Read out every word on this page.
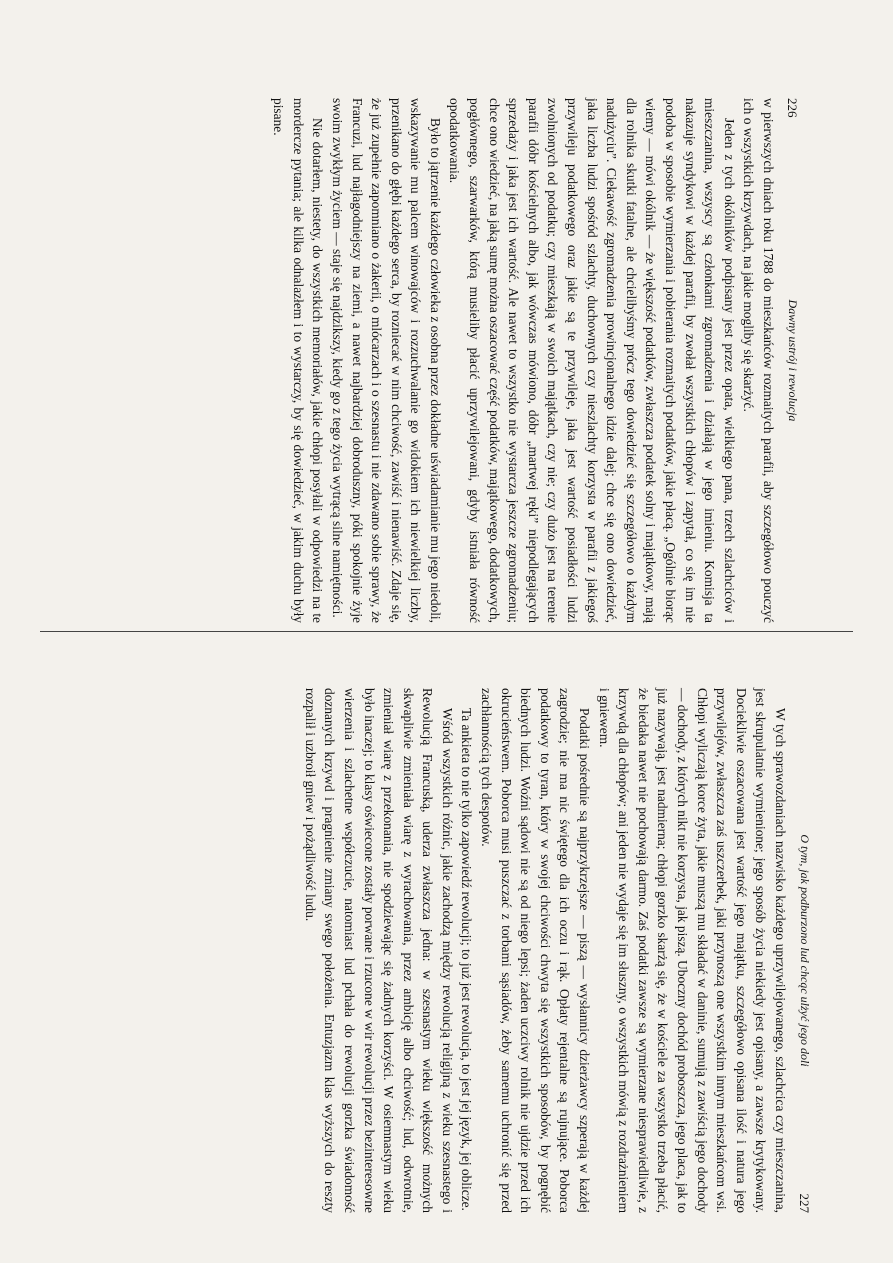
226
Dawny ustrój i rewolucja

w pierwszych dniach roku 1788 do mieszkańców rozmaitych parafii, aby szczegółowo pouczyć ich o wszystkich krzywdach, na jakie mogliby się skarżyć.

Jeden z tych okólników podpisany jest przez opata, wielkiego pana, trzech szlachciców i mieszczanina, wszyscy są członkami zgromadzenia i działają w jego imieniu. Komisja ta nakazuje syndykowi w każdej parafii, by zwołał wszystkich chłopów i zapytał, co się im nie podoba w sposobie wymierzania i pobierania rozmaitych podatków, jakie płacą. „Ogólnie biorąc wiemy — mówi okólnik — że większość podatków, zwłaszcza podatek solny i majątkowy, mają dla rolnika skutki fatalne, ale chcielibyśmy prócz tego dowiedzieć się szczegółowo o każdym nadużyciu”. Ciekawość zgromadzenia prowincjonalnego idzie dalej; chce się ono dowiedzieć, jaka liczba ludzi spośród szlachty, duchownych czy nieszlachty korzysta w parafii z jakiegoś przywileju podatkowego oraz jakie są te przywileje, jaka jest wartość posiadłości ludzi zwolnionych od podatku; czy mieszkają w swoich majątkach, czy nie; czy dużo jest na terenie parafii dóbr kościelnych albo, jak wówczas mówiono, dóbr „martwej ręki” niepodlegających sprzedaży i jaka jest ich wartość. Ale nawet to wszystko nie wystarcza jeszcze zgromadzeniu; chce ono wiedzieć, na jaką sumę można oszacować część podatków, majątkowego, dodatkowych, pogłównego, szarwarków, którą musieliby płacić uprzywilejowani, gdyby istniała równość opodatkowania.

Było to jątrzenie każdego człowieka z osobna przez dokładne uświadamianie mu jego niedoli, wskazywanie mu palcem winowajców i rozzuchwalanie go widokiem ich niewielkiej liczby, przenikano do głębi każdego serca, by rozniecać w nim chciwość, zawiść i nienawiść. Zdaje się, że już zupełnie zapomniano o żakerii, o mlócarzach i o szesnastu i nie zdawano sobie sprawy, że Francuzi, lud najłagodniejszy na ziemi, a nawet najbardziej dobroduszny, póki spokojnie żyje swoim zwykłym życiem — staje się najdzikszy, kiedy go z tego życia wytrącą silne namiętności.

Nie dotarłem, niestety, do wszystkich memoriałów, jakie chłopi posyłali w odpowiedzi na te mordercze pytania; ale kilka odnalazłem i to wystarczy, by się dowiedzieć, w jakim duchu były pisane.

O tym, jak podburzono lud chcąc ulżyć jego doli
227

W tych sprawozdaniach nazwisko każdego uprzywilejowanego, szlachcica czy mieszczanina, jest skrupulatnie wymienione; jego sposób życia niekiedy jest opisany, a zawsze krytykowany. Dociekliwie oszacowana jest wartość jego majątku, szczegółowo opisana ilość i natura jego przywilejów, zwłaszcza zaś uszczerbek, jaki przynoszą one wszystkim innym mieszkańcom wsi. Chłopi wyliczają korce żyta, jakie muszą mu składać w daninie, sumują z zawiścią jego dochody — dochody, z których nikt nie korzysta, jak piszą. Uboczny dochód proboszcza, jego placa, jak to już nazywają, jest nadmierna; chłopi gorzko skarżą się, że w kościele za wszystko trzeba płacić, że biedaka nawet nie pochowają darmo. Zaś podatki zawsze są wymierzane niesprawiedliwie, z krzywdą dla chłopów; ani jeden nie wydaje się im słuszny, o wszystkich mówią z rozdrażnieniem i gniewem.

Podatki pośrednie są najprzykrzejsze — piszą — wysłannicy dzierżawcy szperają w każdej zagrodzie; nie ma nic świętego dla ich oczu i rąk. Opłaty rejentalne są rujnujące. Poborca podatkowy to tyran, który w swojej chciwości chwyta się wszystkich sposobów, by pognębić biednych ludzi. Woźni sądowi nie są od niego lepsi; żaden uczciwy rolnik nie ujdzie przed ich okrucieństwem. Poborca musi puszczać z torbami sąsiadów, żeby samemu uchronić się przed zachłannością tych despotów.

Ta ankieta to nie tylko zapowiedź rewolucji; to już jest rewolucja, to jest jej język, jej oblicze.

Wśród wszystkich różnic, jakie zachodzą między rewolucją religijną z wieku szesnastego i Rewolucją Francuską, uderza zwłaszcza jedna: w szesnastym wieku większość możnych skwapliwie zmieniała wiarę z wyrachowania, przez ambicję albo chciwość; lud, odwrotnie, zmieniał wiarę z przekonania, nie spodziewając się żadnych korzyści. W osiemnastym wieku było inaczej; to klasy oświecone zostały porwane i rzucone w wir rewolucji przez bezinteresowne wierzenia i szlachetne współczucie, natomiast lud pchała do rewolucji gorzka świadomość doznanych krzywd i pragnienie zmiany swego położenia. Entuzjazm klas wyższych do reszty rozpalił i uzbroił gniew i pożądliwość ludu.
